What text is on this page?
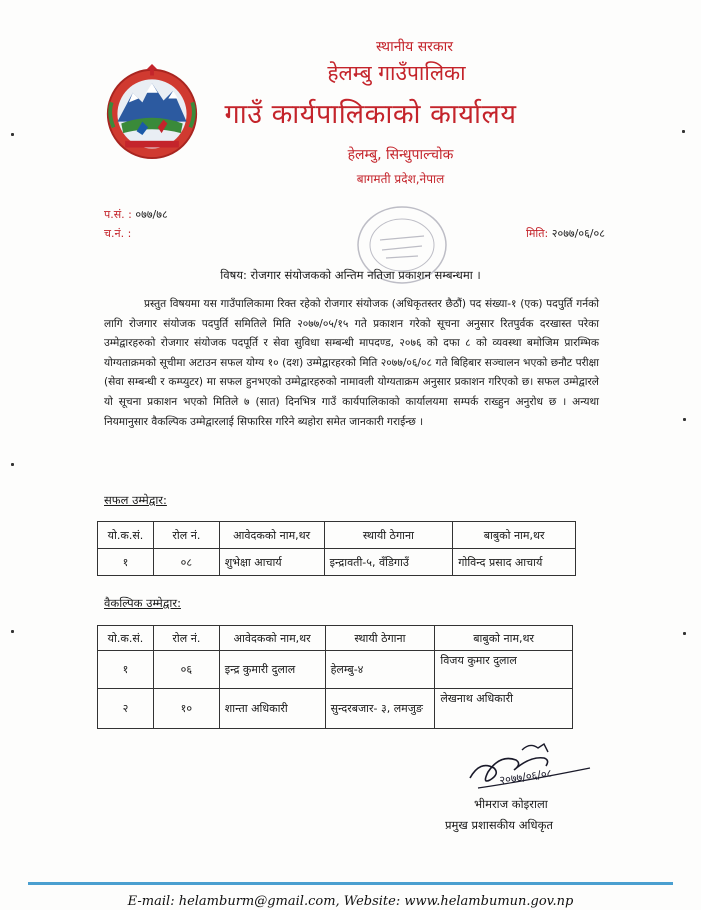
स्थानीय सरकार
हेलम्बु गाउँपालिका
गाउँ कार्यपालिकाको कार्यालय
हेलम्बु, सिन्धुपाल्चोक
बागमती प्रदेश,नेपाल
प.सं. : ०७७/७८
च.नं. :	मिति: २०७७/०६/०८
विषय: रोजगार संयोजकको अन्तिम नतिजा प्रकाशन सम्बन्धमा ।

प्रस्तुत विषयमा यस गाउँपालिकामा रिक्त रहेको रोजगार संयोजक (अधिकृतस्तर छैठौं) पद संख्या-१ (एक) पदपुर्ति गर्नको लागि रोजगार संयोजक पदपुर्ति समितिले मिति २०७७/०५/१५ गते प्रकाशन गरेको सूचना अनुसार रितपुर्वक दरखास्त परेका उम्मेद्वारहरुको रोजगार संयोजक पदपूर्ति र सेवा सुविधा सम्बन्धी मापदण्ड, २०७६ को दफा ८ को व्यवस्था बमोजिम प्रारम्भिक योग्यताक्रमको सूचीमा अटाउन सफल योग्य १० (दश) उम्मेद्वारहरको मिति २०७७/०६/०८ गते बिहिबार सञ्चालन भएको छनौट परीक्षा (सेवा सम्बन्धी र कम्प्युटर) मा सफल हुनभएको उम्मेद्वारहरुको नामावली योग्यताक्रम अनुसार प्रकाशन गरिएको छ। सफल उम्मेद्वारले यो सूचना प्रकाशन भएको मितिले ७ (सात) दिनभित्र गाउँ कार्यपालिकाको कार्यालयमा सम्पर्क राख्हुन अनुरोध छ । अन्यथा नियमानुसार वैकल्पिक उम्मेद्वारलाई सिफारिस गरिने ब्यहोरा समेत जानकारी गराईन्छ ।

सफल उम्मेद्वार:
यो.क.सं.	रोल नं.	आवेदकको नाम,थर	स्थायी ठेगाना	बाबुको नाम,थर
१	०८	शुभेक्षा आचार्य	इन्द्रावती-५, वँडिगाउँ	गोविन्द प्रसाद आचार्य
वैकल्पिक उम्मेद्वार:
यो.क.सं.	रोल नं.	आवेदकको नाम,थर	स्थायी ठेगाना	बाबुको नाम,थर
१	०६	इन्द्र कुमारी दुलाल	हेलम्बु-४	विजय कुमार दुलाल
२	१०	शान्ता अधिकारी	सुन्दरबजार- ३, लमजुङ	लेखनाथ अधिकारी
२०७७/०६/०८
भीमराज कोइराला
प्रमुख प्रशासकीय अधिकृत
E-mail: helamburm@gmail.com, Website: www.helambumun.gov.np
